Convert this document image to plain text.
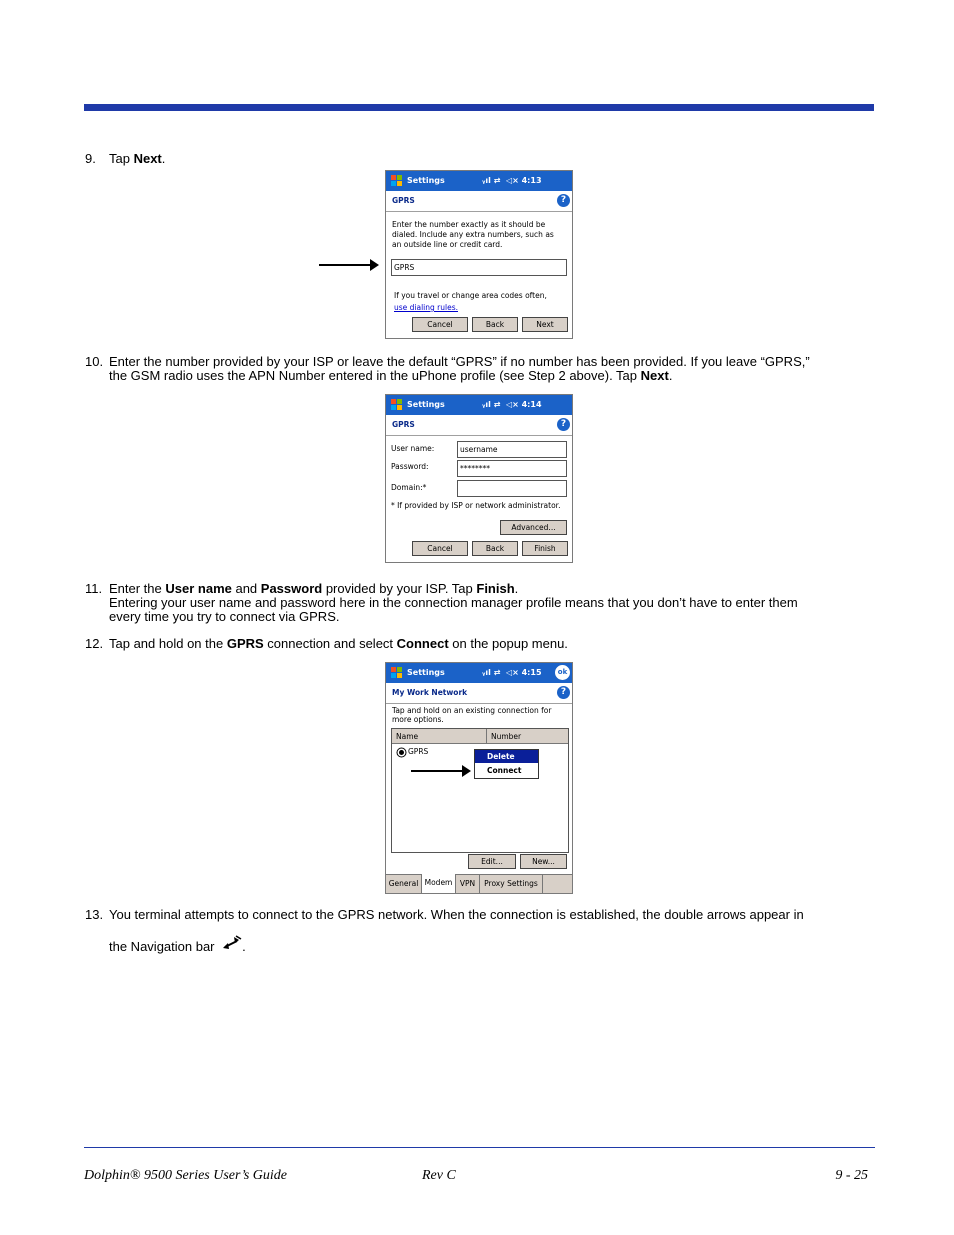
9. Tap Next.
Settings	ᵧıl ⇄  ◁× 4:13
GPRS	?
Enter the number exactly as it should be
dialed. Include any extra numbers, such as
an outside line or credit card.
GPRS
If you travel or change area codes often,
use dialing rules.
Cancel	Back	Next
10. Enter the number provided by your ISP or leave the default “GPRS” if no number has been provided. If you leave “GPRS,”
the GSM radio uses the APN Number entered in the uPhone profile (see Step 2 above). Tap Next.
Settings	ᵧıl ⇄  ◁× 4:14
GPRS	?
User name:	username
Password:	********
Domain:*
* If provided by ISP or network administrator.
Advanced...
Cancel	Back	Finish
11. Enter the User name and Password provided by your ISP. Tap Finish.
Entering your user name and password here in the connection manager profile means that you don’t have to enter them
every time you try to connect via GPRS.
12. Tap and hold on the GPRS connection and select Connect on the popup menu.
Settings	ᵧıl ⇄  ◁× 4:15	ok
My Work Network	?
Tap and hold on an existing connection for
more options.
Name	Number
GPRS
Delete
Connect
Edit...	New...
General Modem VPN	Proxy Settings
13. You terminal attempts to connect to the GPRS network. When the connection is established, the double arrows appear in
the Navigation bar .
Dolphin® 9500 Series User’s Guide	Rev C	9 - 25
